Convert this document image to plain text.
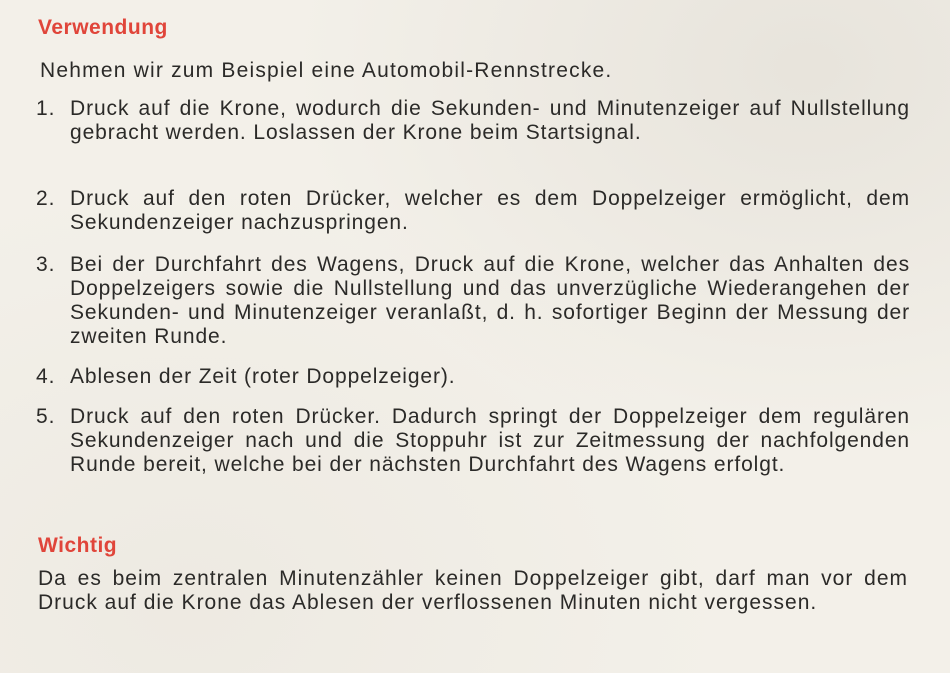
Verwendung
Nehmen wir zum Beispiel eine Automobil-Rennstrecke.
1. Druck auf die Krone, wodurch die Sekunden- und Minutenzeiger auf Nullstellung gebracht werden. Loslassen der Krone beim Startsignal.
2. Druck auf den roten Drücker, welcher es dem Doppelzeiger ermöglicht, dem Sekundenzeiger nachzuspringen.
3. Bei der Durchfahrt des Wagens, Druck auf die Krone, welcher das Anhalten des Doppelzeigers sowie die Nullstellung und das unverzügliche Wiederangehen der Sekunden- und Minutenzeiger veranlaßt, d. h. sofortiger Beginn der Messung der zweiten Runde.
4. Ablesen der Zeit (roter Doppelzeiger).
5. Druck auf den roten Drücker. Dadurch springt der Doppelzeiger dem regulären Sekundenzeiger nach und die Stoppuhr ist zur Zeitmessung der nachfolgenden Runde bereit, welche bei der nächsten Durchfahrt des Wagens erfolgt.
Wichtig
Da es beim zentralen Minutenzähler keinen Doppelzeiger gibt, darf man vor dem Druck auf die Krone das Ablesen der verflossenen Minuten nicht vergessen.
